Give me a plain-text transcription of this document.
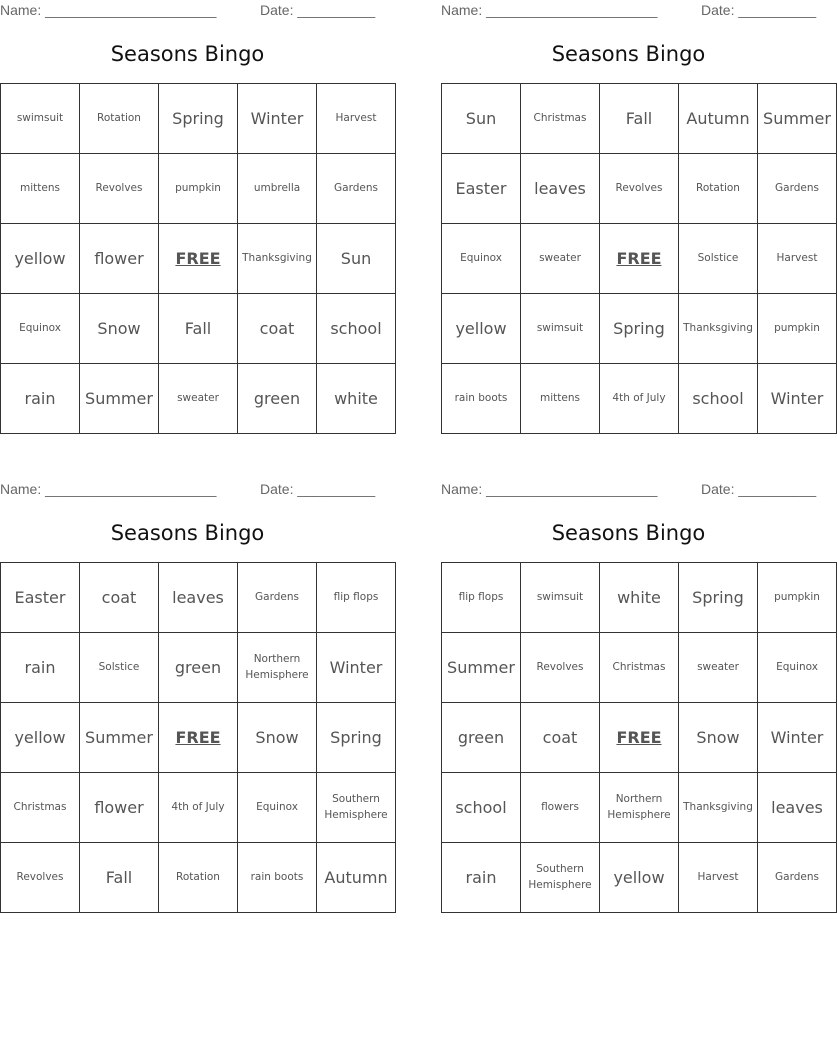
Name: ______________________	Date: __________
Seasons Bingo
swimsuit	Rotation	Spring	Winter	Harvest
mittens	Revolves	pumpkin	umbrella	Gardens
yellow	flower	FREE	Thanksgiving	Sun
Equinox	Snow	Fall	coat	school
rain	Summer	sweater	green	white
Name: ______________________	Date: __________
Seasons Bingo
Sun	Christmas	Fall	Autumn	Summer
Easter	leaves	Revolves	Rotation	Gardens
Equinox	sweater	FREE	Solstice	Harvest
yellow	swimsuit	Spring	Thanksgiving	pumpkin
rain boots	mittens	4th of July	school	Winter
Name: ______________________	Date: __________
Seasons Bingo
Easter	coat	leaves	Gardens	flip flops
rain	Solstice	green	Northern Hemisphere	Winter
yellow	Summer	FREE	Snow	Spring
Christmas	flower	4th of July	Equinox	Southern Hemisphere
Revolves	Fall	Rotation	rain boots	Autumn
Name: ______________________	Date: __________
Seasons Bingo
flip flops	swimsuit	white	Spring	pumpkin
Summer	Revolves	Christmas	sweater	Equinox
green	coat	FREE	Snow	Winter
school	flowers	Northern Hemisphere	Thanksgiving	leaves
rain	Southern Hemisphere	yellow	Harvest	Gardens
